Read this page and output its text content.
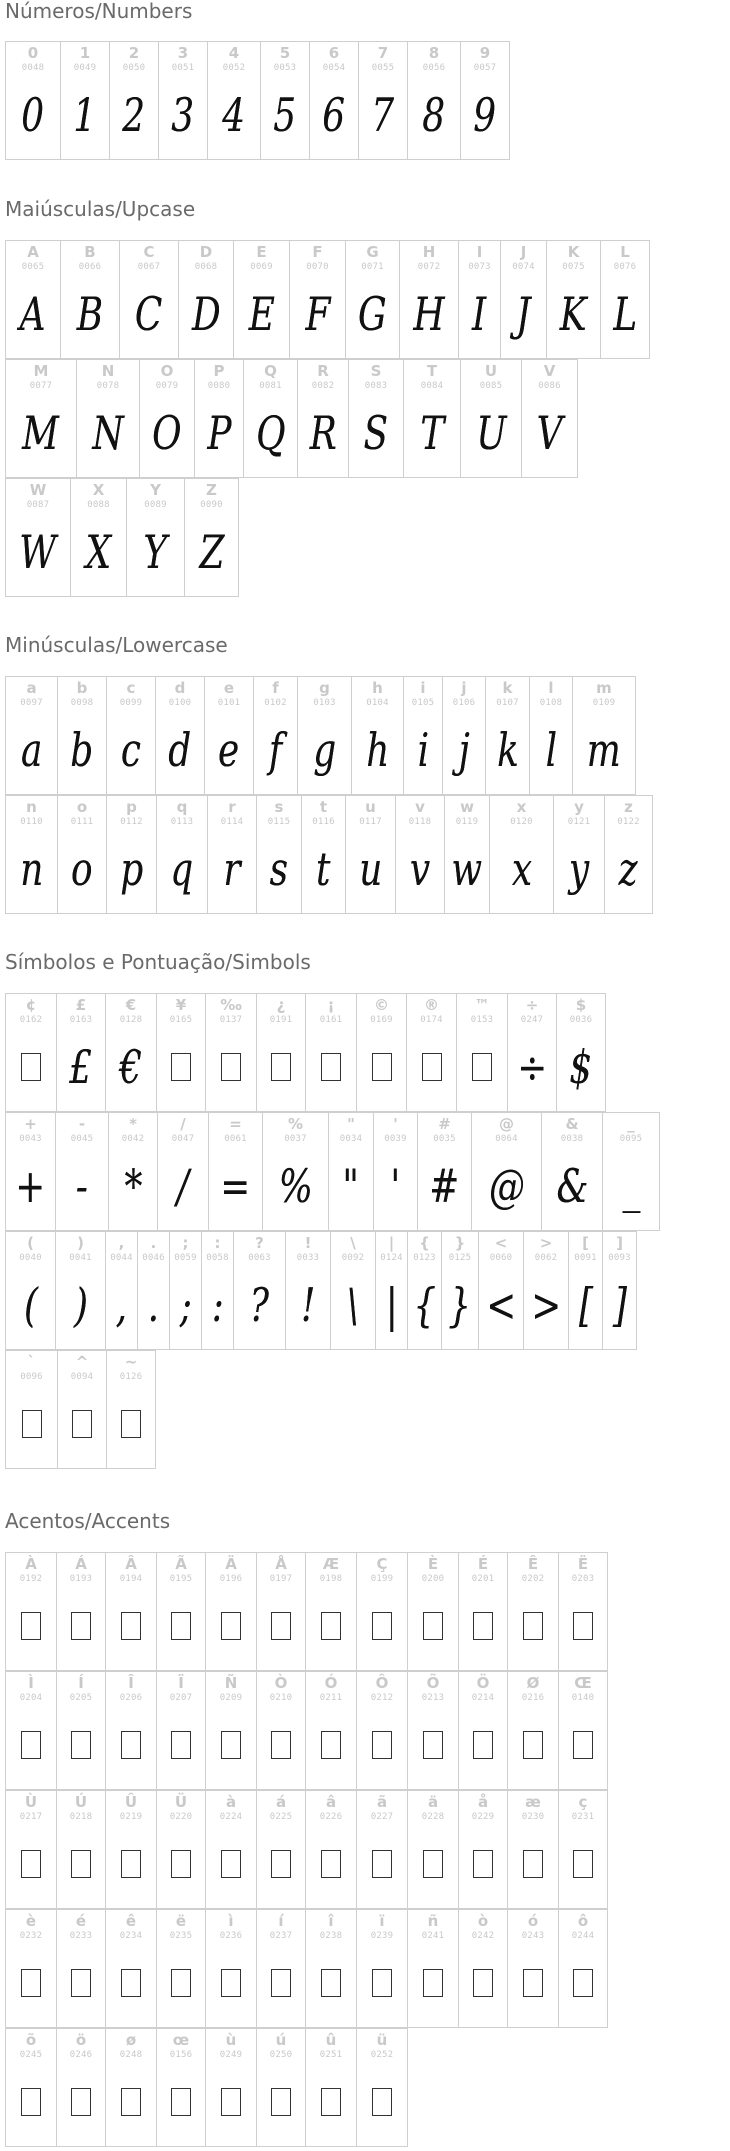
Números/Numbers
0
0048
0
1
0049
1
2
0050
2
3
0051
3
4
0052
4
5
0053
5
6
0054
6
7
0055
7
8
0056
8
9
0057
9
Maiúsculas/Upcase
A
0065
A
B
0066
B
C
0067
C
D
0068
D
E
0069
E
F
0070
F
G
0071
G
H
0072
H
I
0073
I
J
0074
J
K
0075
K
L
0076
L
M
0077
M
N
0078
N
O
0079
O
P
0080
P
Q
0081
Q
R
0082
R
S
0083
S
T
0084
T
U
0085
U
V
0086
V
W
0087
W
X
0088
X
Y
0089
Y
Z
0090
Z
Minúsculas/Lowercase
a
0097
a
b
0098
b
c
0099
c
d
0100
d
e
0101
e
f
0102
f
g
0103
g
h
0104
h
i
0105
i
j
0106
j
k
0107
k
l
0108
l
m
0109
m
n
0110
n
o
0111
o
p
0112
p
q
0113
q
r
0114
r
s
0115
s
t
0116
t
u
0117
u
v
0118
v
w
0119
w
x
0120
x
y
0121
y
z
0122
z
Símbolos e Pontuação/Simbols
¢
0162
£
0163
£
€
0128
€
¥
0165
‰
0137
¿
0191
¡
0161
©
0169
®
0174
™
0153
÷
0247
÷
$
0036
$
+
0043
+
-
0045
-
*
0042
*
/
0047
/
=
0061
=
%
0037
%
"
0034
"
'
0039
'
#
0035
#
@
0064
@
&
0038
&
_
0095
_
(
0040
(
)
0041
)
,
0044
,
.
0046
.
;
0059
;
:
0058
:
?
0063
?
!
0033
!
\
0092
\
|
0124
|
{
0123
{
}
0125
}
<
0060
<
>
0062
>
[
0091
[
]
0093
]
`
0096
^
0094
~
0126
Acentos/Accents
À
0192
Á
0193
Â
0194
Ã
0195
Ä
0196
Å
0197
Æ
0198
Ç
0199
È
0200
É
0201
Ê
0202
Ë
0203
Ì
0204
Í
0205
Î
0206
Ï
0207
Ñ
0209
Ò
0210
Ó
0211
Ô
0212
Õ
0213
Ö
0214
Ø
0216
Œ
0140
Ù
0217
Ú
0218
Û
0219
Ü
0220
à
0224
á
0225
â
0226
ã
0227
ä
0228
å
0229
æ
0230
ç
0231
è
0232
é
0233
ê
0234
ë
0235
ì
0236
í
0237
î
0238
ï
0239
ñ
0241
ò
0242
ó
0243
ô
0244
õ
0245
ö
0246
ø
0248
œ
0156
ù
0249
ú
0250
û
0251
ü
0252
